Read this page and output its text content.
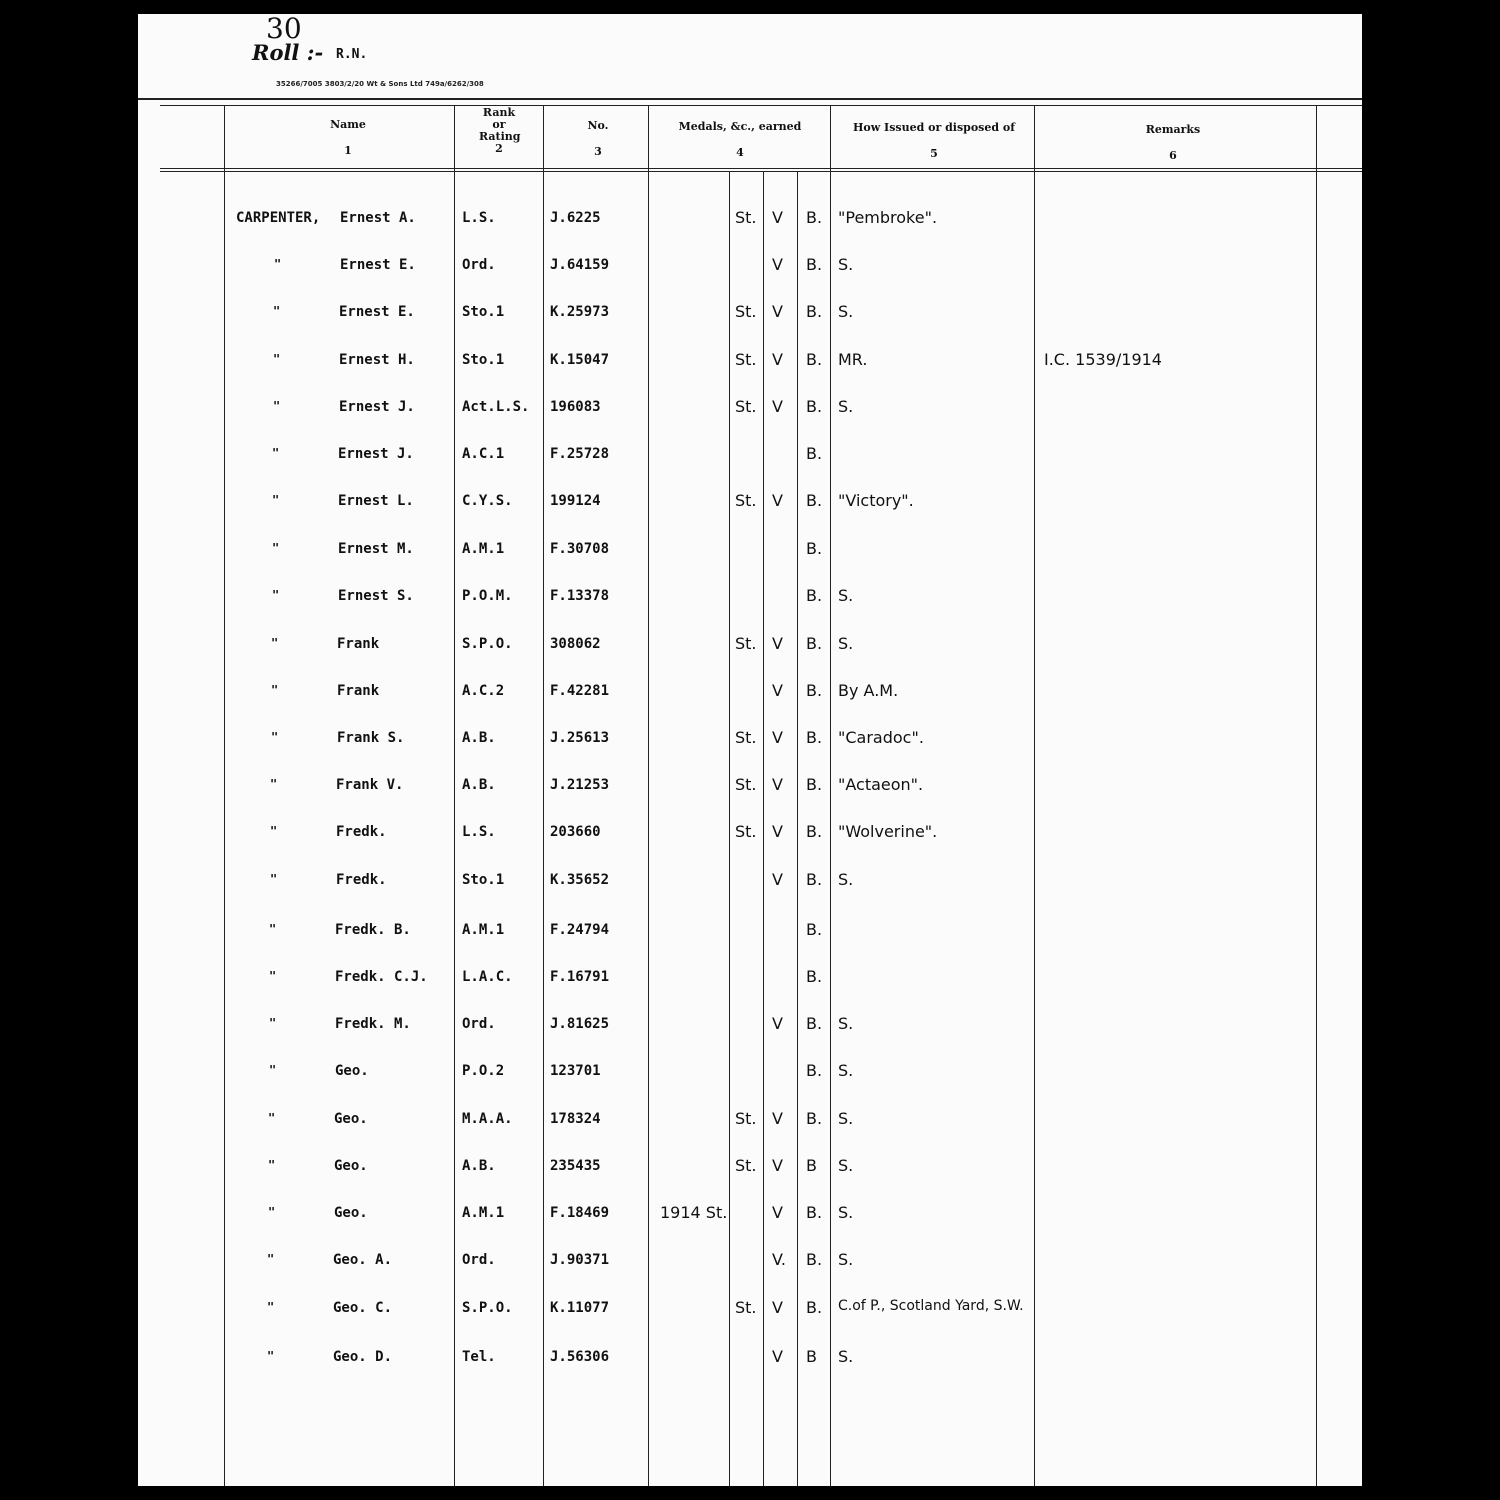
30
Roll :- R.N.
35266/7005 3803/2/20 Wt & Sons Ltd 749a/6262/308
Name
1
Rank or Rating
2
No.
3
Medals, &c., earned
4
How Issued or disposed of
5
Remarks
6
CARPENTER, Ernest A.	L.S.	J.6225	St. V B. "Pembroke".
"	Ernest E.	Ord.	J.64159	V B. S.
"	Ernest E.	Sto.1	K.25973	St. V B. S.
"	Ernest H.	Sto.1	K.15047	St. V B. MR.	I.C. 1539/1914
"	Ernest J.	Act.L.S. 196083	St. V B. S.
"	Ernest J.	A.C.1	F.25728	B.
"	Ernest L.	C.Y.S.	199124	St. V B. "Victory".
"	Ernest M.	A.M.1	F.30708	B.
"	Ernest S.	P.O.M.	F.13378	B. S.
"	Frank	S.P.O.	308062	St. V B. S.
"	Frank	A.C.2	F.42281	V B. By A.M.
"	Frank S.	A.B.	J.25613	St. V B. "Caradoc".
"	Frank V.	A.B.	J.21253	St. V B. "Actaeon".
"	Fredk.	L.S.	203660	St. V B. "Wolverine".
"	Fredk.	Sto.1	K.35652	V B. S.
"	Fredk. B.	A.M.1	F.24794	B.
"	Fredk. C.J. L.A.C.	F.16791	B.
"	Fredk. M.	Ord.	J.81625	V B. S.
"	Geo.	P.O.2	123701	B. S.
"	Geo.	M.A.A.	178324	St. V B. S.
"	Geo.	A.B.	235435	St. V B S.
"	Geo.	A.M.1	F.18469	1914 St.	V B. S.
"	Geo. A.	Ord.	J.90371	V. B. S.
"	Geo. C.	S.P.O.	K.11077	St. V B. C.of P., Scotland Yard, S.W.
"	Geo. D.	Tel.	J.56306	V B S.
